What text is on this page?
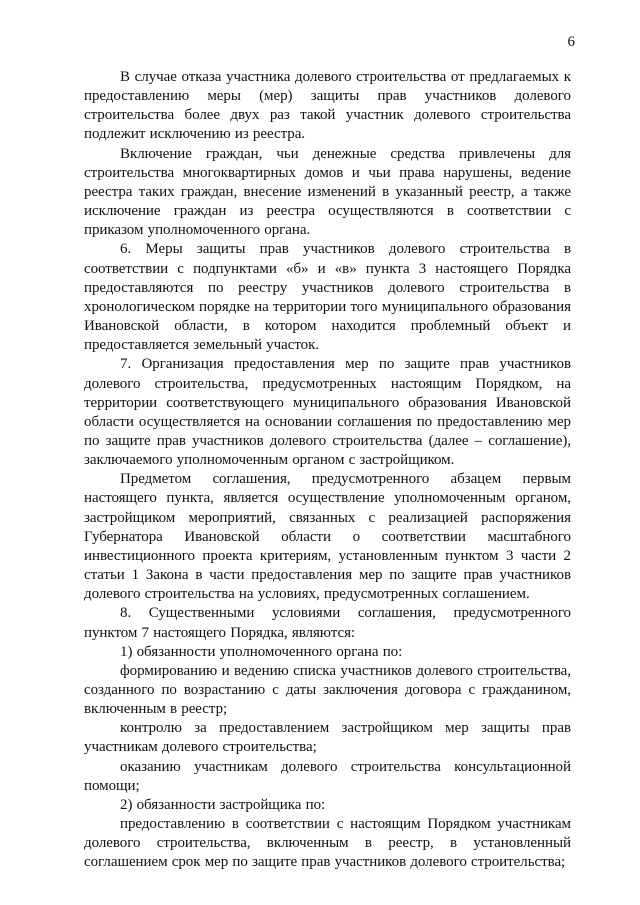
6

В случае отказа участника долевого строительства от предлагаемых к предоставлению меры (мер) защиты прав участников долевого строительства более двух раз такой участник долевого строительства подлежит исключению из реестра.

Включение граждан, чьи денежные средства привлечены для строительства многоквартирных домов и чьи права нарушены, ведение реестра таких граждан, внесение изменений в указанный реестр, а также исключение граждан из реестра осуществляются в соответствии с приказом уполномоченного органа.

6. Меры защиты прав участников долевого строительства в соответствии с подпунктами «б» и «в» пункта 3 настоящего Порядка предоставляются по реестру участников долевого строительства в хронологическом порядке на территории того муниципального образования Ивановской области, в котором находится проблемный объект и предоставляется земельный участок.

7. Организация предоставления мер по защите прав участников долевого строительства, предусмотренных настоящим Порядком, на территории соответствующего муниципального образования Ивановской области осуществляется на основании соглашения по предоставлению мер по защите прав участников долевого строительства (далее – соглашение), заключаемого уполномоченным органом с застройщиком.

Предметом соглашения, предусмотренного абзацем первым настоящего пункта, является осуществление уполномоченным органом, застройщиком мероприятий, связанных с реализацией распоряжения Губернатора Ивановской области о соответствии масштабного инвестиционного проекта критериям, установленным пунктом 3 части 2 статьи 1 Закона в части предоставления мер по защите прав участников долевого строительства на условиях, предусмотренных соглашением.

8. Существенными условиями соглашения, предусмотренного пунктом 7 настоящего Порядка, являются:

1) обязанности уполномоченного органа по:

формированию и ведению списка участников долевого строительства, созданного по возрастанию с даты заключения договора с гражданином, включенным в реестр;

контролю за предоставлением застройщиком мер защиты прав участникам долевого строительства;

оказанию участникам долевого строительства консультационной помощи;

2) обязанности застройщика по:

предоставлению в соответствии с настоящим Порядком участникам долевого строительства, включенным в реестр, в установленный соглашением срок мер по защите прав участников долевого строительства;
